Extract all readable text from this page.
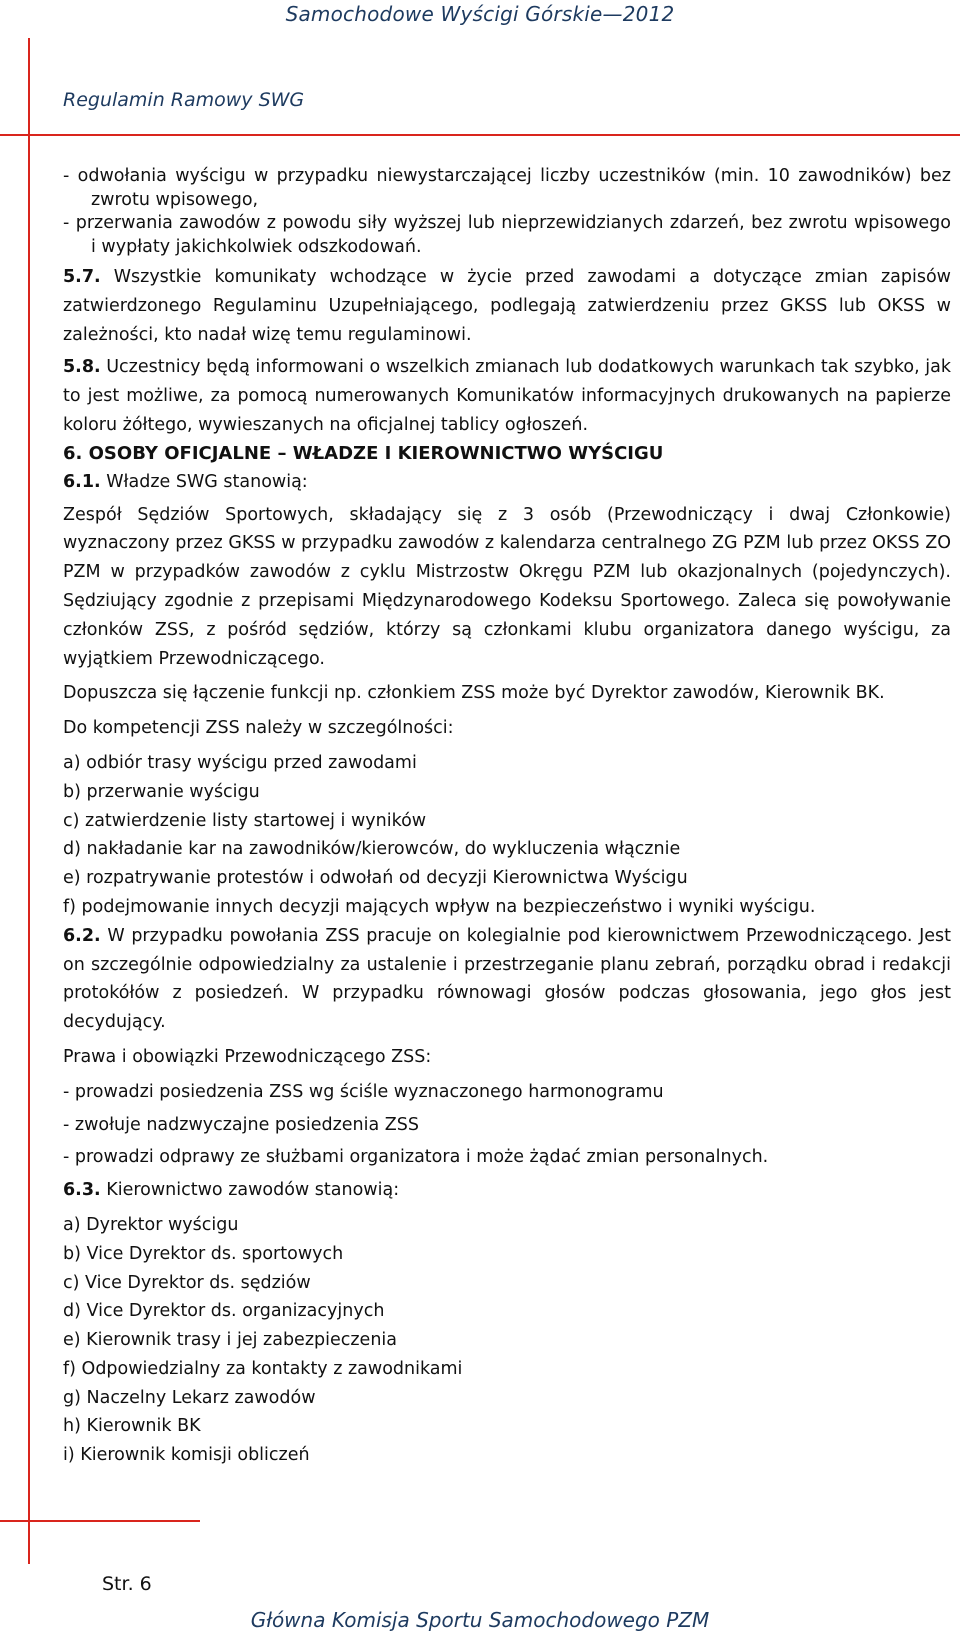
Samochodowe Wyścigi Górskie—2012
Regulamin Ramowy SWG

- odwołania wyścigu w przypadku niewystarczającej liczby uczestników (min. 10 zawodników) bez zwrotu wpisowego,

- przerwania zawodów z powodu siły wyższej lub nieprzewidzianych zdarzeń, bez zwrotu wpisowego i wypłaty jakichkolwiek odszkodowań.

5.7. Wszystkie komunikaty wchodzące w życie przed zawodami a dotyczące zmian zapisów zatwierdzonego Regulaminu Uzupełniającego, podlegają zatwierdzeniu przez GKSS lub OKSS w zależności, kto nadał wizę temu regulaminowi.

5.8. Uczestnicy będą informowani o wszelkich zmianach lub dodatkowych warunkach tak szybko, jak to jest możliwe, za pomocą numerowanych Komunikatów informacyjnych drukowanych na papierze koloru żółtego, wywieszanych na oficjalnej tablicy ogłoszeń.

6. OSOBY OFICJALNE – WŁADZE I KIEROWNICTWO WYŚCIGU

6.1. Władze SWG stanowią:

Zespół Sędziów Sportowych, składający się z 3 osób (Przewodniczący i dwaj Członkowie) wyznaczony przez GKSS w przypadku zawodów z kalendarza centralnego ZG PZM lub przez OKSS ZO PZM w przypadków zawodów z cyklu Mistrzostw Okręgu PZM lub okazjonalnych (pojedynczych). Sędziujący zgodnie z przepisami Międzynarodowego Kodeksu Sportowego. Zaleca się powoływanie członków ZSS, z pośród sędziów, którzy są członkami klubu organizatora danego wyścigu, za wyjątkiem Przewodniczącego.

Dopuszcza się łączenie funkcji np. członkiem ZSS może być Dyrektor zawodów, Kierownik BK.

Do kompetencji ZSS należy w szczególności:

a) odbiór trasy wyścigu przed zawodami

b) przerwanie wyścigu

c) zatwierdzenie listy startowej i wyników

d) nakładanie kar na zawodników/kierowców, do wykluczenia włącznie

e) rozpatrywanie protestów i odwołań od decyzji Kierownictwa Wyścigu

f) podejmowanie innych decyzji mających wpływ na bezpieczeństwo i wyniki wyścigu.

6.2. W przypadku powołania ZSS pracuje on kolegialnie pod kierownictwem Przewodniczącego. Jest on szczególnie odpowiedzialny za ustalenie i przestrzeganie planu zebrań, porządku obrad i redakcji protokółów z posiedzeń. W przypadku równowagi głosów podczas głosowania, jego głos jest decydujący.

Prawa i obowiązki Przewodniczącego ZSS:

- prowadzi posiedzenia ZSS wg ściśle wyznaczonego harmonogramu

- zwołuje nadzwyczajne posiedzenia ZSS

- prowadzi odprawy ze służbami organizatora i może żądać zmian personalnych.

6.3. Kierownictwo zawodów stanowią:

a) Dyrektor wyścigu

b) Vice Dyrektor ds. sportowych

c) Vice Dyrektor ds. sędziów

d) Vice Dyrektor ds. organizacyjnych

e) Kierownik trasy i jej zabezpieczenia

f) Odpowiedzialny za kontakty z zawodnikami

g) Naczelny Lekarz zawodów

h) Kierownik BK

i) Kierownik komisji obliczeń

Str. 6
Główna Komisja Sportu Samochodowego PZM
